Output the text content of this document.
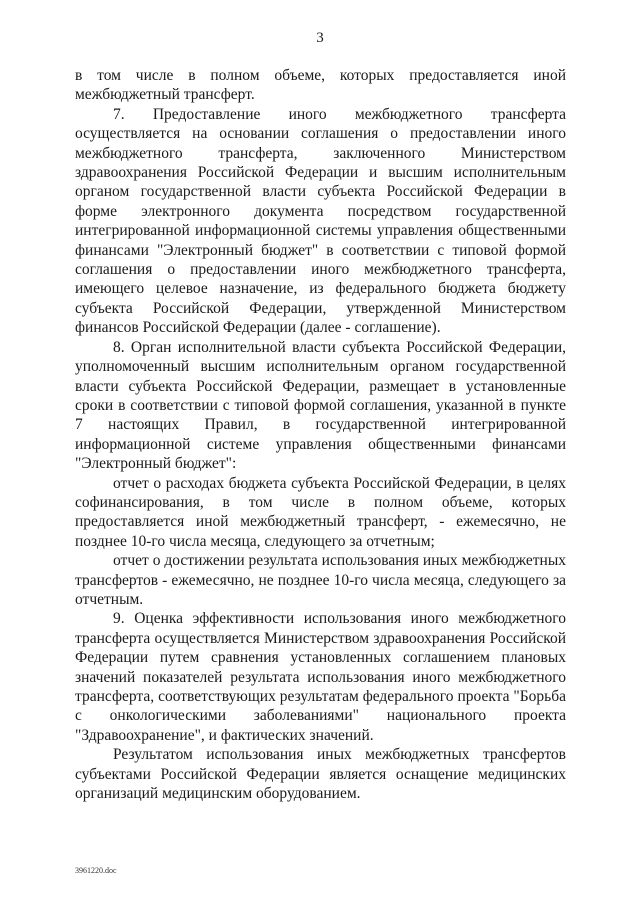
3

в том числе в полном объеме, которых предоставляется иной межбюджетный трансферт.

7. Предоставление иного межбюджетного трансферта осуществляется на основании соглашения о предоставлении иного межбюджетного трансферта, заключенного Министерством здравоохранения Российской Федерации и высшим исполнительным органом государственной власти субъекта Российской Федерации в форме электронного документа посредством государственной интегрированной информационной системы управления общественными финансами "Электронный бюджет" в соответствии с типовой формой соглашения о предоставлении иного межбюджетного трансферта, имеющего целевое назначение, из федерального бюджета бюджету субъекта Российской Федерации, утвержденной Министерством финансов Российской Федерации (далее - соглашение).

8. Орган исполнительной власти субъекта Российской Федерации, уполномоченный высшим исполнительным органом государственной власти субъекта Российской Федерации, размещает в установленные сроки в соответствии с типовой формой соглашения, указанной в пункте 7 настоящих Правил, в государственной интегрированной информационной системе управления общественными финансами "Электронный бюджет":

отчет о расходах бюджета субъекта Российской Федерации, в целях софинансирования, в том числе в полном объеме, которых предоставляется иной межбюджетный трансферт, - ежемесячно, не позднее 10-го числа месяца, следующего за отчетным;

отчет о достижении результата использования иных межбюджетных трансфертов - ежемесячно, не позднее 10-го числа месяца, следующего за отчетным.

9. Оценка эффективности использования иного межбюджетного трансферта осуществляется Министерством здравоохранения Российской Федерации путем сравнения установленных соглашением плановых значений показателей результата использования иного межбюджетного трансферта, соответствующих результатам федерального проекта "Борьба с онкологическими заболеваниями" национального проекта "Здравоохранение", и фактических значений.

Результатом использования иных межбюджетных трансфертов субъектами Российской Федерации является оснащение медицинских организаций медицинским оборудованием.

3961220.doc
